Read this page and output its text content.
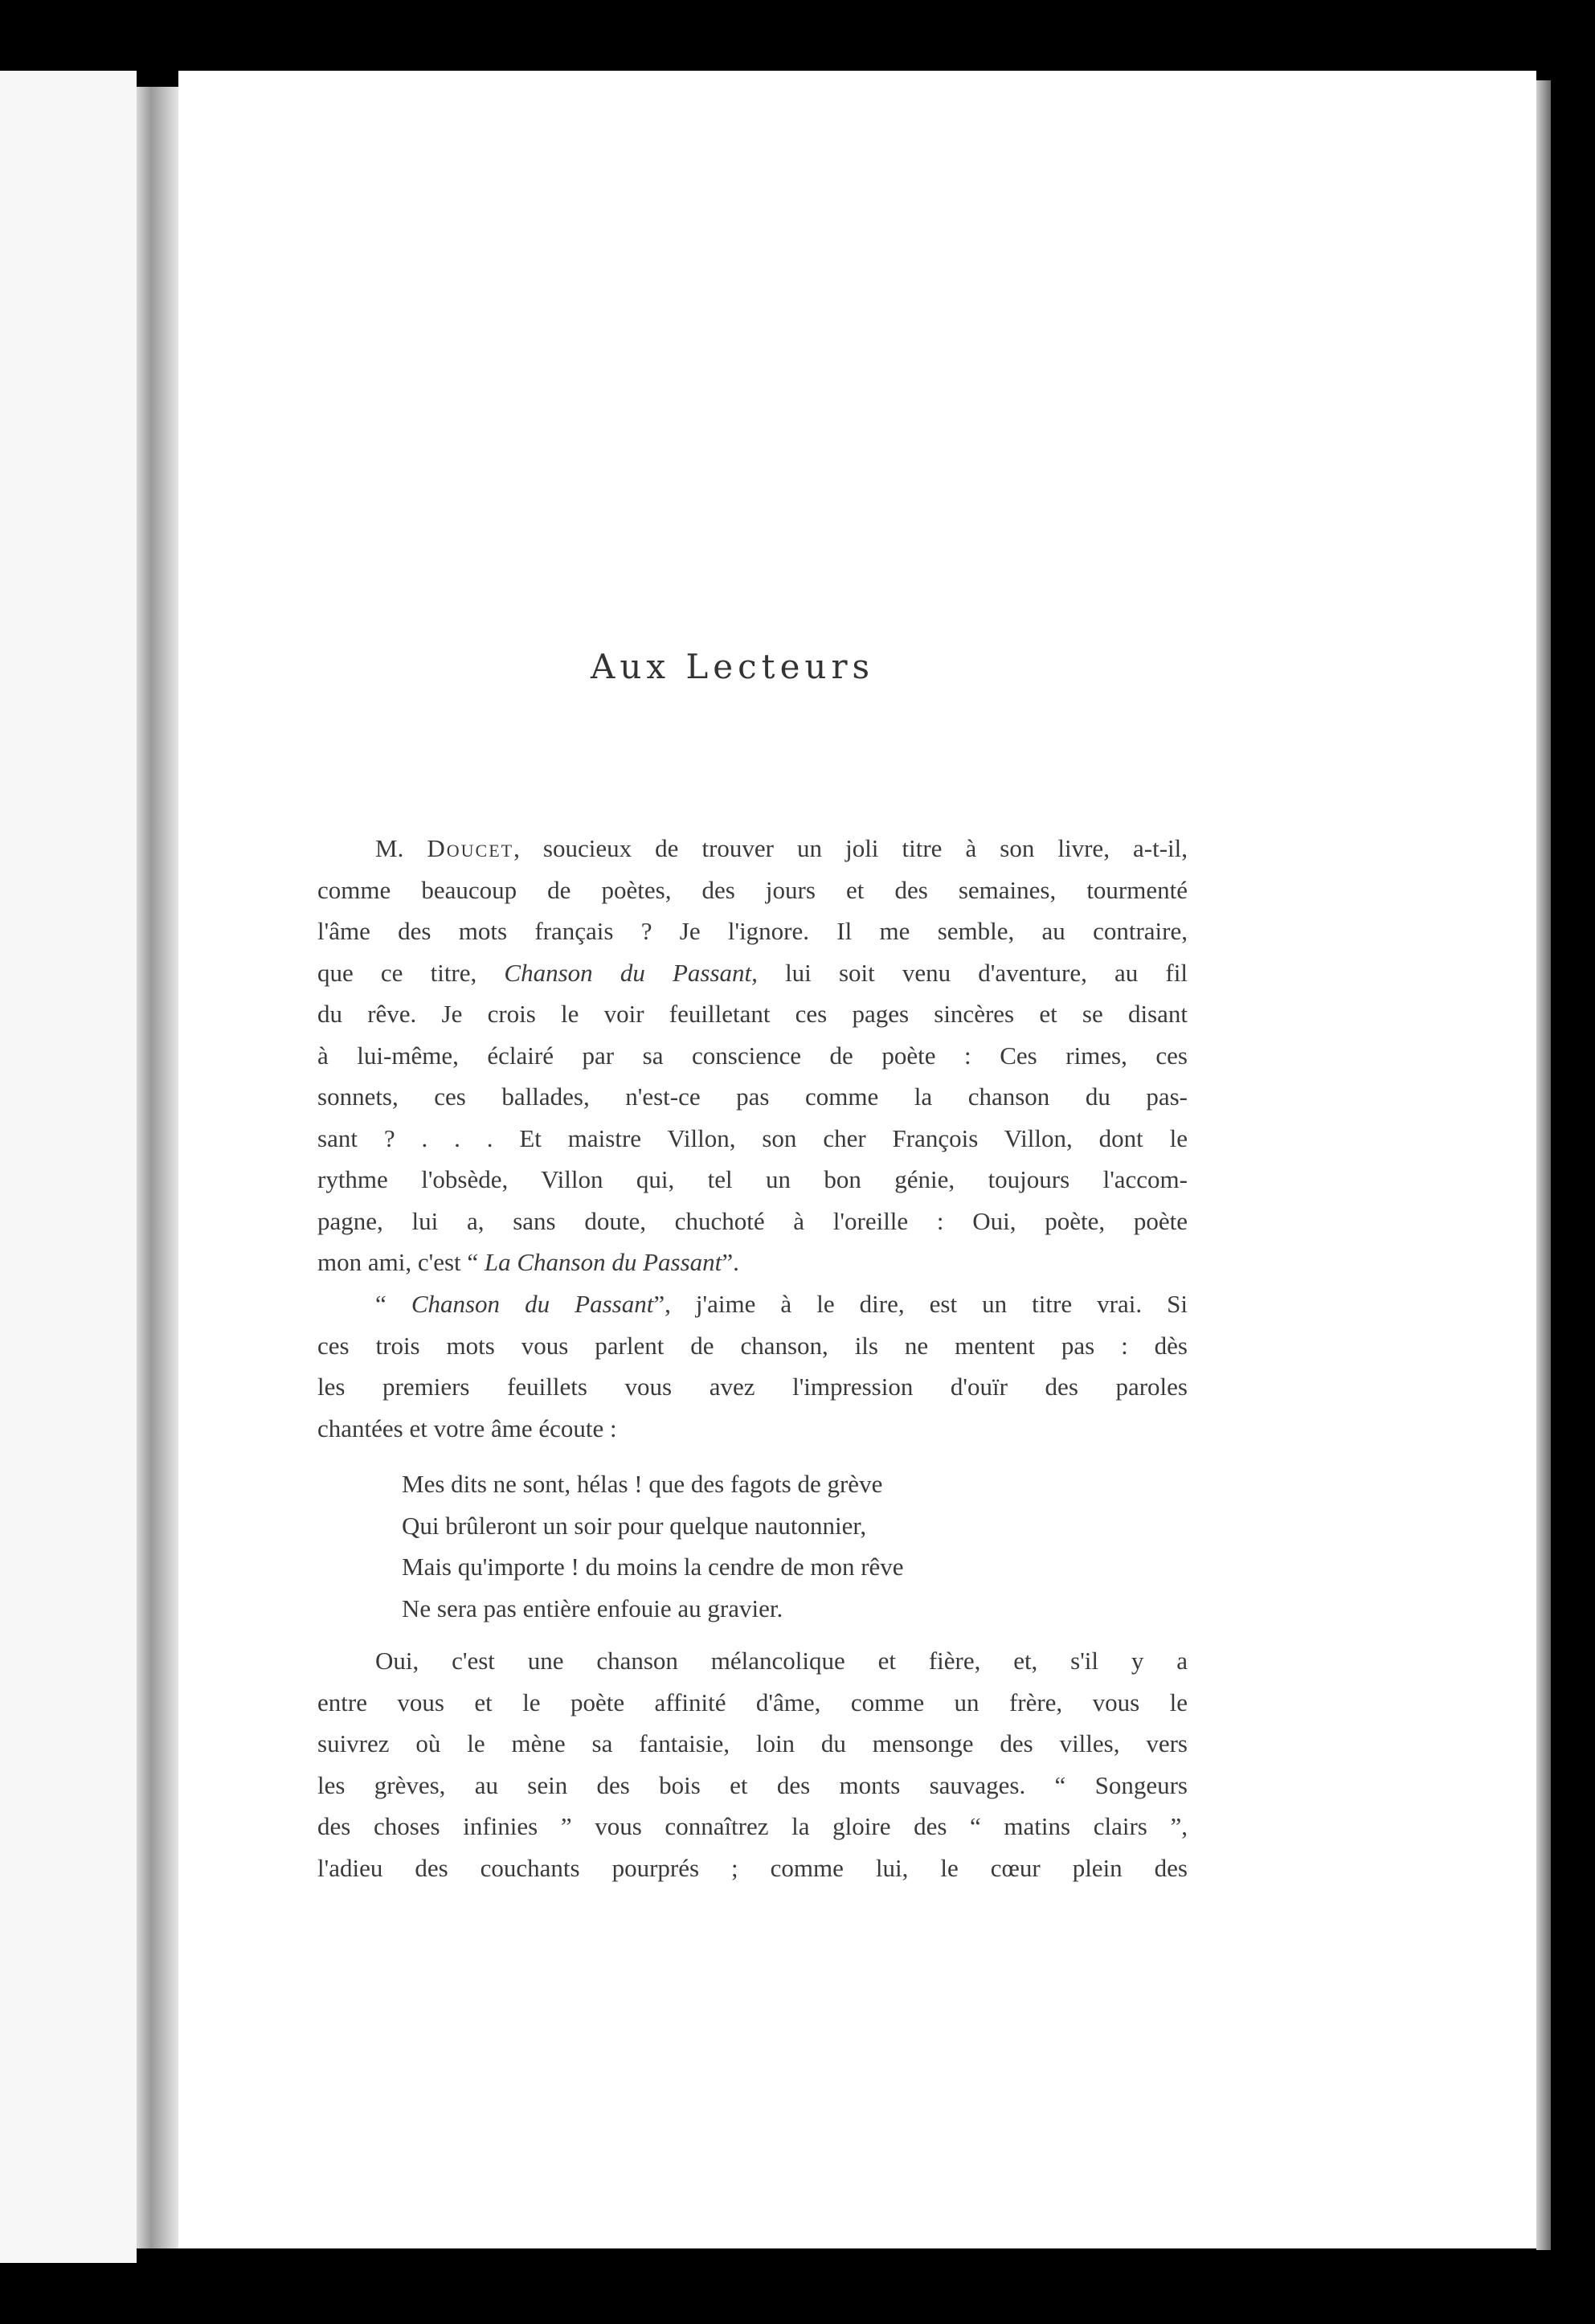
Aux Lecteurs
M. Doucet, soucieux de trouver un joli titre à son livre, a-t-il,
comme beaucoup de poètes, des jours et des semaines, tourmenté
l'âme des mots français ? Je l'ignore. Il me semble, au contraire,
que ce titre, Chanson du Passant, lui soit venu d'aventure, au fil
du rêve. Je crois le voir feuilletant ces pages sincères et se disant
à lui-même, éclairé par sa conscience de poète : Ces rimes, ces
sonnets, ces ballades, n'est-ce pas comme la chanson du pas-
sant ? . . . Et maistre Villon, son cher François Villon, dont le
rythme l'obsède, Villon qui, tel un bon génie, toujours l'accom-
pagne, lui a, sans doute, chuchoté à l'oreille : Oui, poète, poète
mon ami, c'est “ La Chanson du Passant”.
“ Chanson du Passant”, j'aime à le dire, est un titre vrai. Si
ces trois mots vous parlent de chanson, ils ne mentent pas : dès
les premiers feuillets vous avez l'impression d'ouïr des paroles
chantées et votre âme écoute :
Mes dits ne sont, hélas ! que des fagots de grève
Qui brûleront un soir pour quelque nautonnier,
Mais qu'importe ! du moins la cendre de mon rêve
Ne sera pas entière enfouie au gravier.
Oui, c'est une chanson mélancolique et fière, et, s'il y a
entre vous et le poète affinité d'âme, comme un frère, vous le
suivrez où le mène sa fantaisie, loin du mensonge des villes, vers
les grèves, au sein des bois et des monts sauvages. “ Songeurs
des choses infinies ” vous connaîtrez la gloire des “ matins clairs ”,
l'adieu des couchants pourprés ; comme lui, le cœur plein des
